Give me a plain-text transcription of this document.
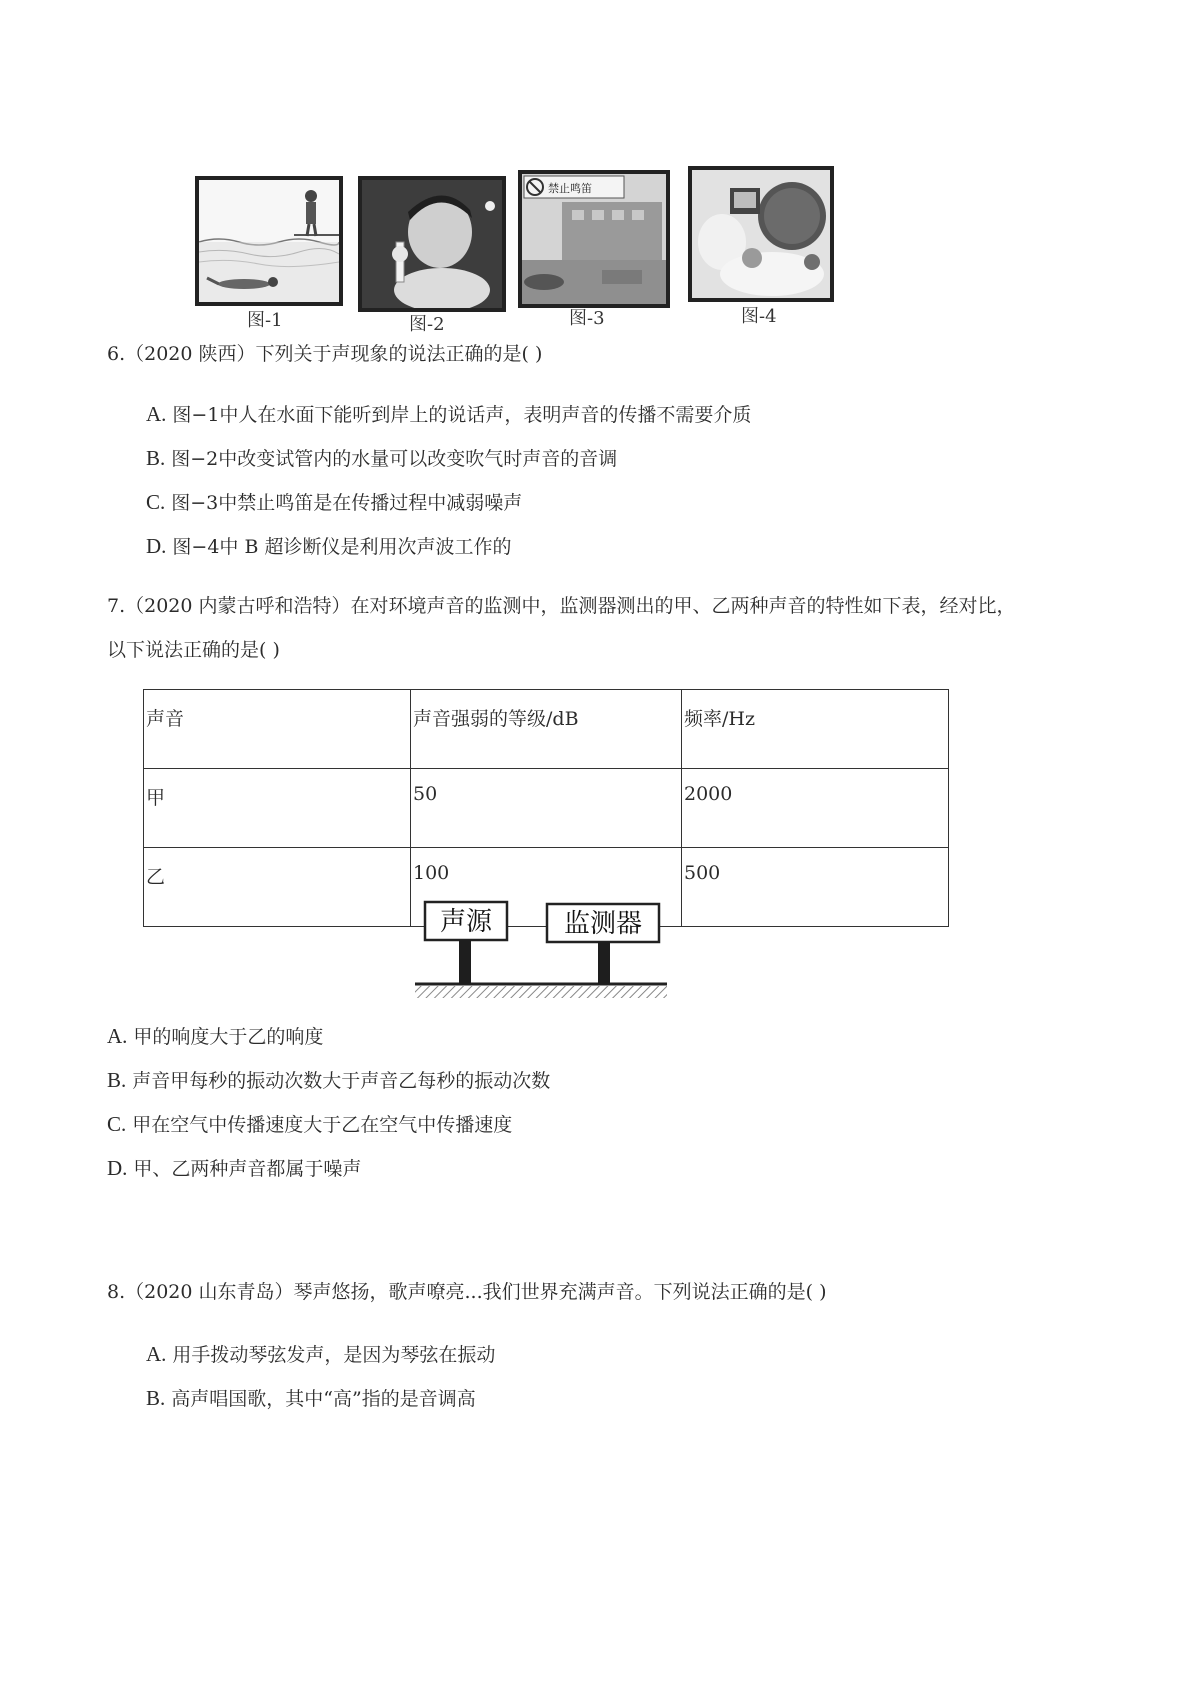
图-1	图-2
禁止鸣笛
图-3	图-4
6.（2020 陕西）下列关于声现象的说法正确的是( )
A. 图−1中人在水面下能听到岸上的说话声，表明声音的传播不需要介质
B. 图−2中改变试管内的水量可以改变吹气时声音的音调
C. 图−3中禁止鸣笛是在传播过程中减弱噪声
D. 图−4中 B 超诊断仪是利用次声波工作的
7.（2020 内蒙古呼和浩特）在对环境声音的监测中，监测器测出的甲、乙两种声音的特性如下表，经对比，
以下说法正确的是( )
声音	声音强弱的等级/dB	频率/Hz
甲	50	2000
乙	100	500
声源	监测器
A. 甲的响度大于乙的响度
B. 声音甲每秒的振动次数大于声音乙每秒的振动次数
C. 甲在空气中传播速度大于乙在空气中传播速度
D. 甲、乙两种声音都属于噪声
8.（2020 山东青岛）琴声悠扬，歌声嘹亮...我们世界充满声音。下列说法正确的是( )
A. 用手拨动琴弦发声，是因为琴弦在振动
B. 高声唱国歌，其中“高”指的是音调高
